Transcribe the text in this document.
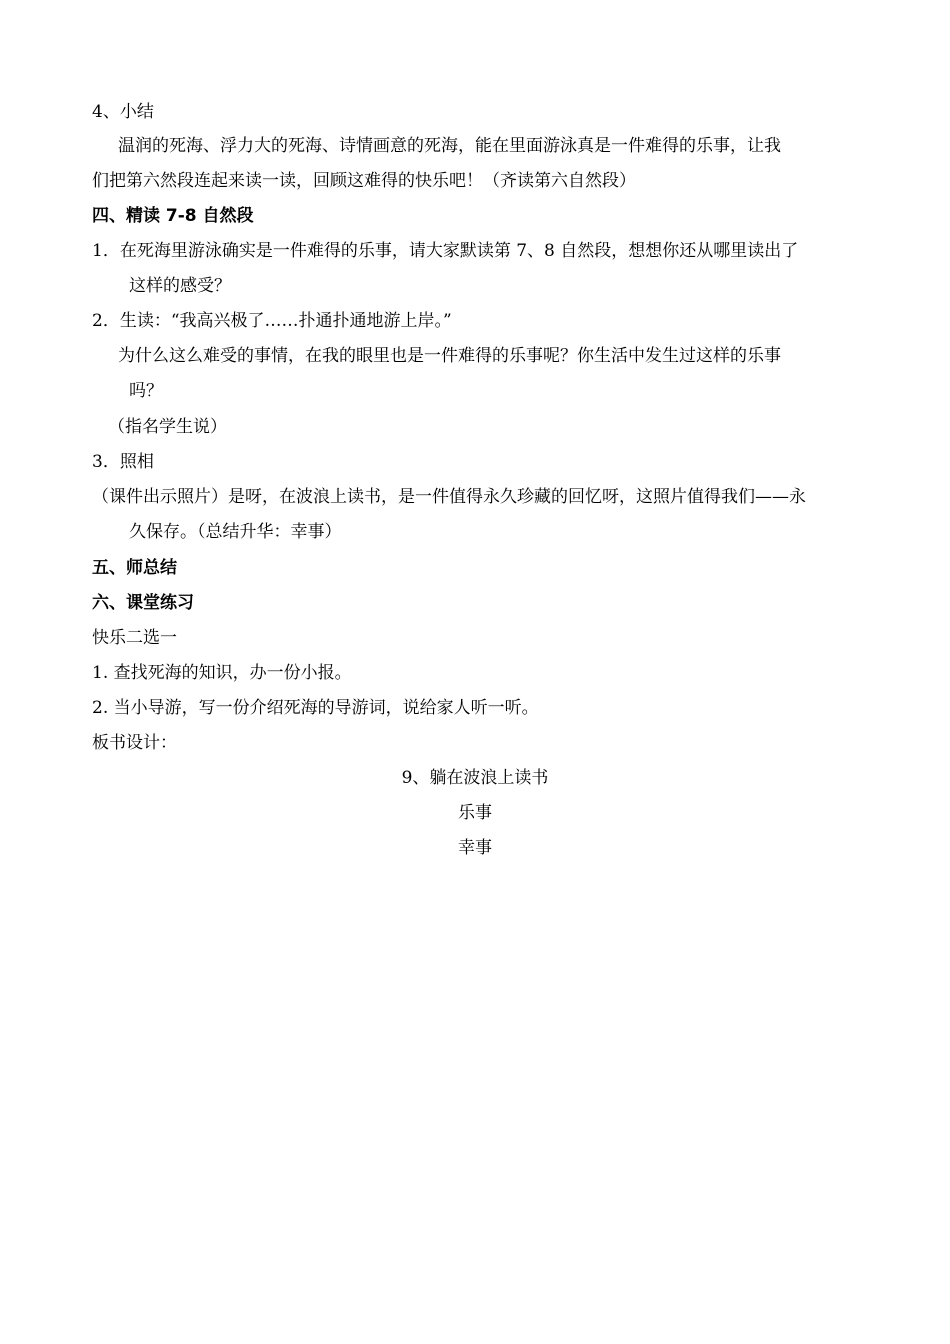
4、小结
温润的死海、浮力大的死海、诗情画意的死海，能在里面游泳真是一件难得的乐事，让我
们把第六然段连起来读一读，回顾这难得的快乐吧！（齐读第六自然段）
四、精读 7-8 自然段
1．在死海里游泳确实是一件难得的乐事，请大家默读第 7、8 自然段，想想你还从哪里读出了
这样的感受？
2．生读：“我高兴极了……扑通扑通地游上岸。”
为什么这么难受的事情，在我的眼里也是一件难得的乐事呢？你生活中发生过这样的乐事
吗？
（指名学生说）
3．照相
（课件出示照片）是呀，在波浪上读书，是一件值得永久珍藏的回忆呀，这照片值得我们——永
久保存。（总结升华：幸事）
五、师总结
六、课堂练习
快乐二选一
1. 查找死海的知识，办一份小报。
2. 当小导游，写一份介绍死海的导游词，说给家人听一听。
板书设计：
9、躺在波浪上读书
乐事
幸事
